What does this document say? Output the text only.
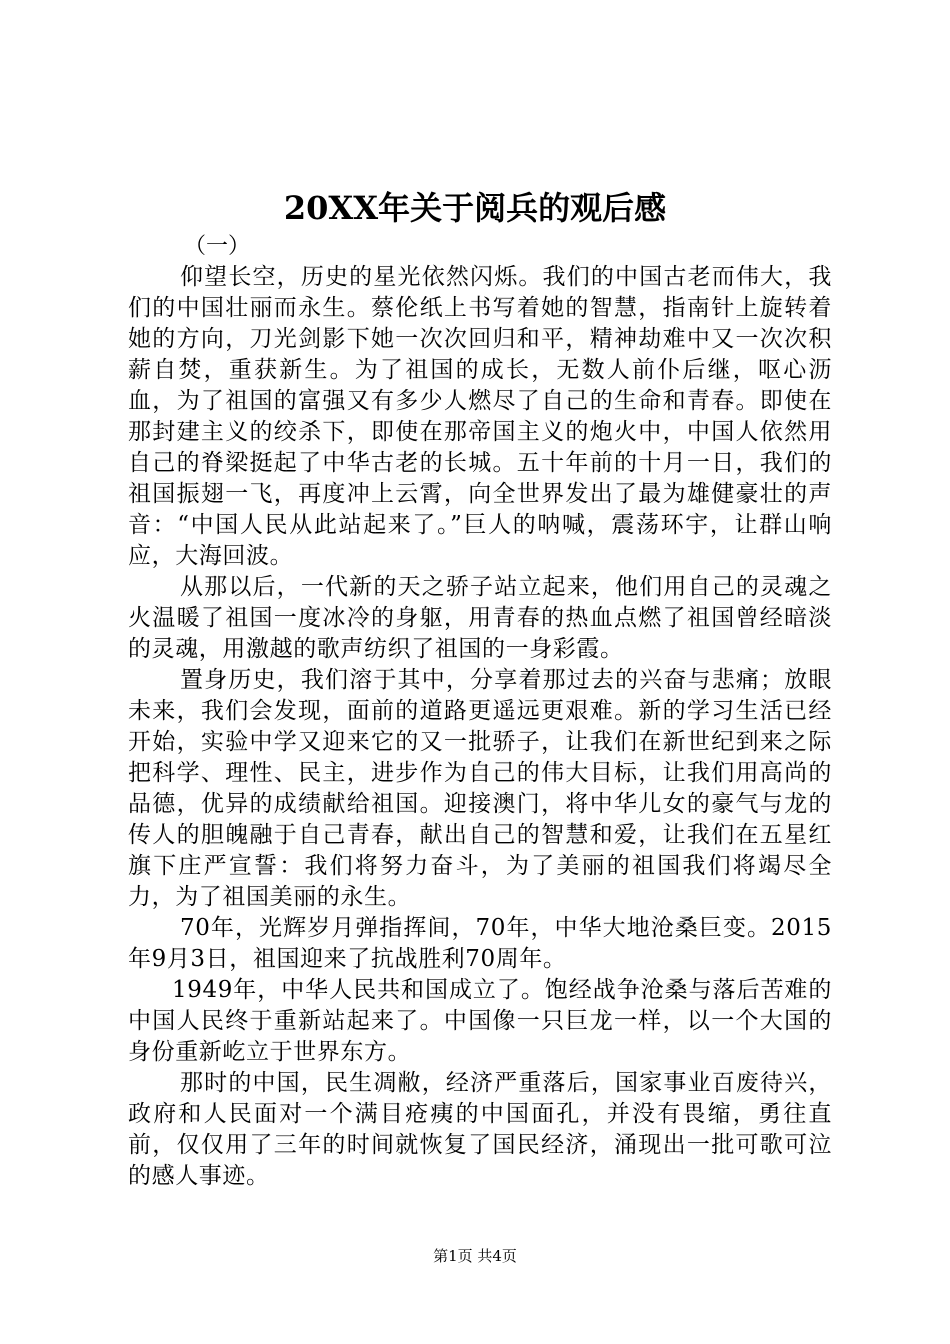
20XX年关于阅兵的观后感

（一）

仰望长空，历史的星光依然闪烁。我们的中国古老而伟大，我们的中国壮丽而永生。蔡伦纸上书写着她的智慧，指南针上旋转着她的方向，刀光剑影下她一次次回归和平，精神劫难中又一次次积薪自焚，重获新生。为了祖国的成长，无数人前仆后继，呕心沥血，为了祖国的富强又有多少人燃尽了自己的生命和青春。即使在那封建主义的绞杀下，即使在那帝国主义的炮火中，中国人依然用自己的脊梁挺起了中华古老的长城。五十年前的十月一日，我们的祖国振翅一飞，再度冲上云霄，向全世界发出了最为雄健豪壮的声音：“中国人民从此站起来了。”巨人的呐喊，震荡环宇，让群山响应，大海回波。

从那以后，一代新的天之骄子站立起来，他们用自己的灵魂之火温暖了祖国一度冰冷的身躯，用青春的热血点燃了祖国曾经暗淡的灵魂，用激越的歌声纺织了祖国的一身彩霞。

置身历史，我们溶于其中，分享着那过去的兴奋与悲痛；放眼未来，我们会发现，面前的道路更遥远更艰难。新的学习生活已经开始，实验中学又迎来它的又一批骄子，让我们在新世纪到来之际把科学、理性、民主，进步作为自己的伟大目标，让我们用高尚的品德，优异的成绩献给祖国。迎接澳门，将中华儿女的豪气与龙的传人的胆魄融于自己青春，献出自己的智慧和爱，让我们在五星红旗下庄严宣誓：我们将努力奋斗，为了美丽的祖国我们将竭尽全力，为了祖国美丽的永生。

70年，光辉岁月弹指挥间，70年，中华大地沧桑巨变。2015年9月3日，祖国迎来了抗战胜利70周年。

1949年，中华人民共和国成立了。饱经战争沧桑与落后苦难的中国人民终于重新站起来了。中国像一只巨龙一样，以一个大国的身份重新屹立于世界东方。

那时的中国，民生凋敝，经济严重落后，国家事业百废待兴，政府和人民面对一个满目疮痍的中国面孔，并没有畏缩，勇往直前，仅仅用了三年的时间就恢复了国民经济，涌现出一批可歌可泣的感人事迹。

第1页 共4页
